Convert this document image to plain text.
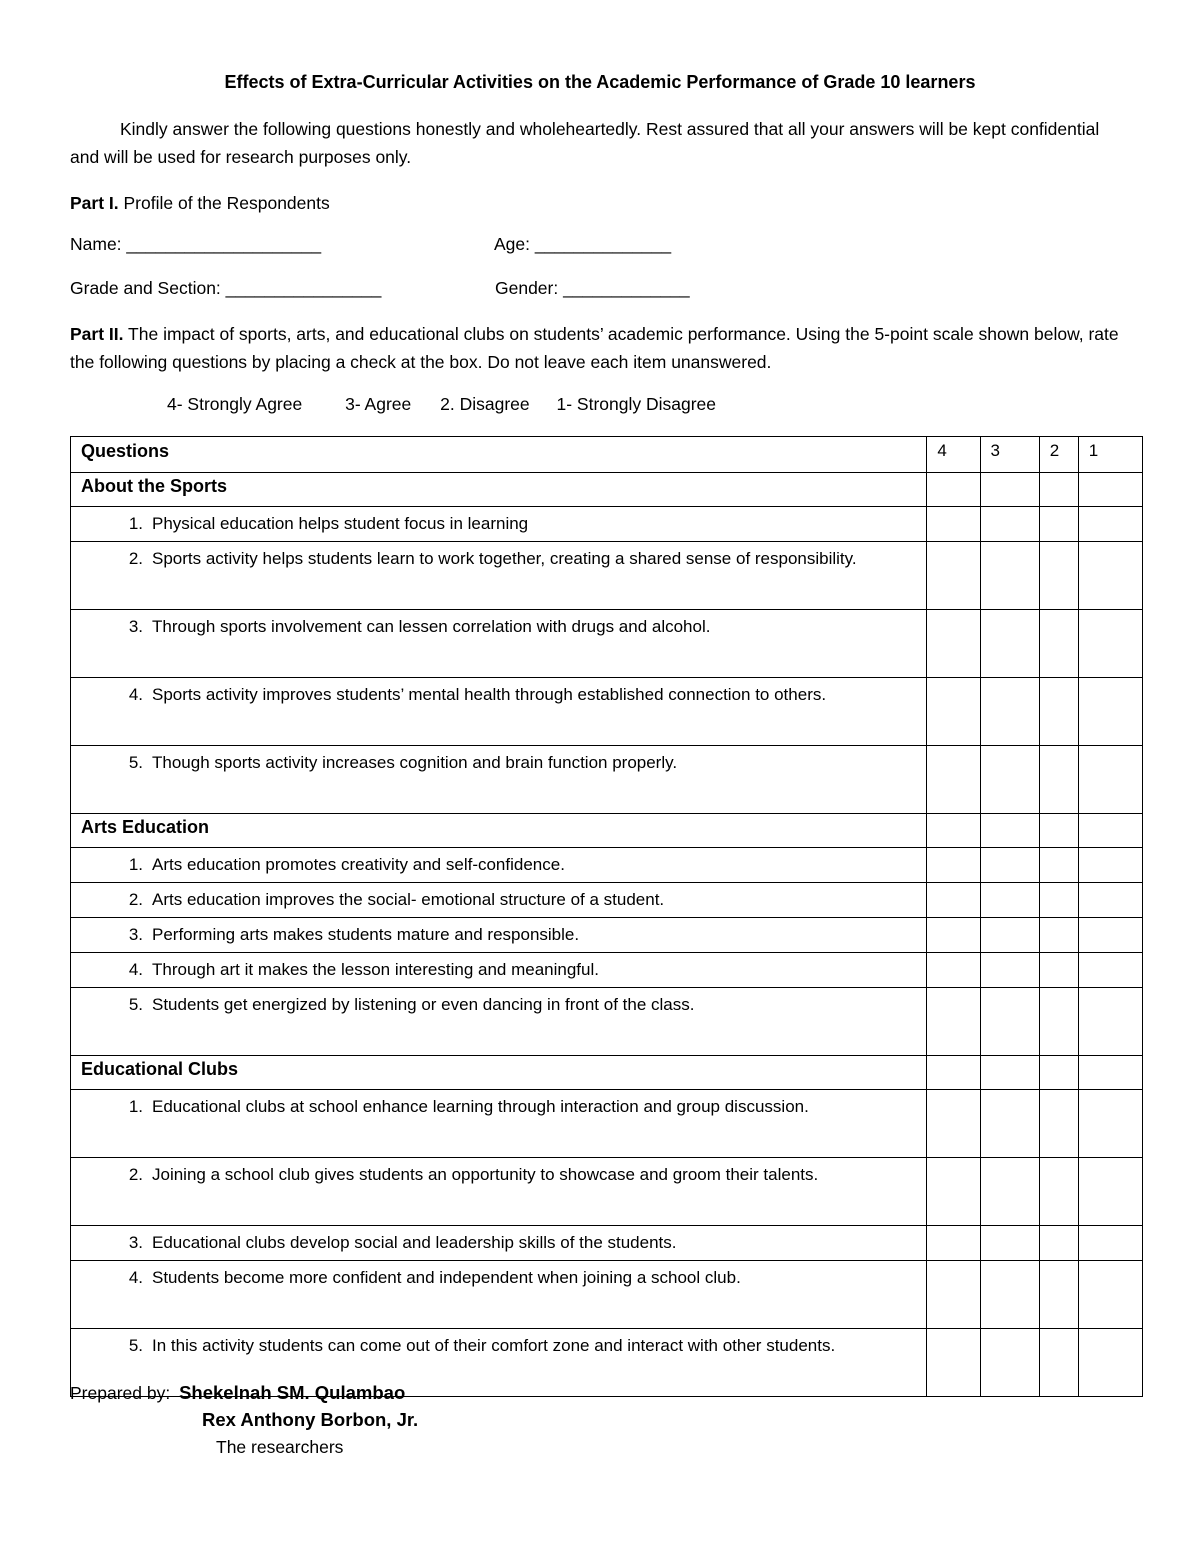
Effects of Extra-Curricular Activities on the Academic Performance of Grade 10 learners
Kindly answer the following questions honestly and wholeheartedly. Rest assured that all your answers will be kept confidential and will be used for research purposes only.
Part I. Profile of the Respondents
Name: ____________________	Age: ______________
Grade and Section: ________________	Gender: _____________
Part II. The impact of sports, arts, and educational clubs on students’ academic performance. Using the 5-point scale shown below, rate the following questions by placing a check at the box. Do not leave each item unanswered.
4- Strongly Agree 3- Agree 2. Disagree 1- Strongly Disagree
Questions	4	3	2	1
About the Sports				

1. Physical education helps student focus in learning				

2. Sports activity helps students learn to work together, creating a shared sense of responsibility.				

3. Through sports involvement can lessen correlation with drugs and alcohol.				

4. Sports activity improves students’ mental health through established connection to others.				

5. Though sports activity increases cognition and brain function properly.				
Arts Education				

1. Arts education promotes creativity and self-confidence.				

2. Arts education improves the social- emotional structure of a student.				

3. Performing arts makes students mature and responsible.				

4. Through art it makes the lesson interesting and meaningful.				

5. Students get energized by listening or even dancing in front of the class.				
Educational Clubs				

1. Educational clubs at school enhance learning through interaction and group discussion.				

2. Joining a school club gives students an opportunity to showcase and groom their talents.				

3. Educational clubs develop social and leadership skills of the students.				

4. Students become more confident and independent when joining a school club.				

5. In this activity students can come out of their comfort zone and interact with other students.				
Prepared by: Shekelnah SM. Qulambao
Rex Anthony Borbon, Jr.
The researchers
